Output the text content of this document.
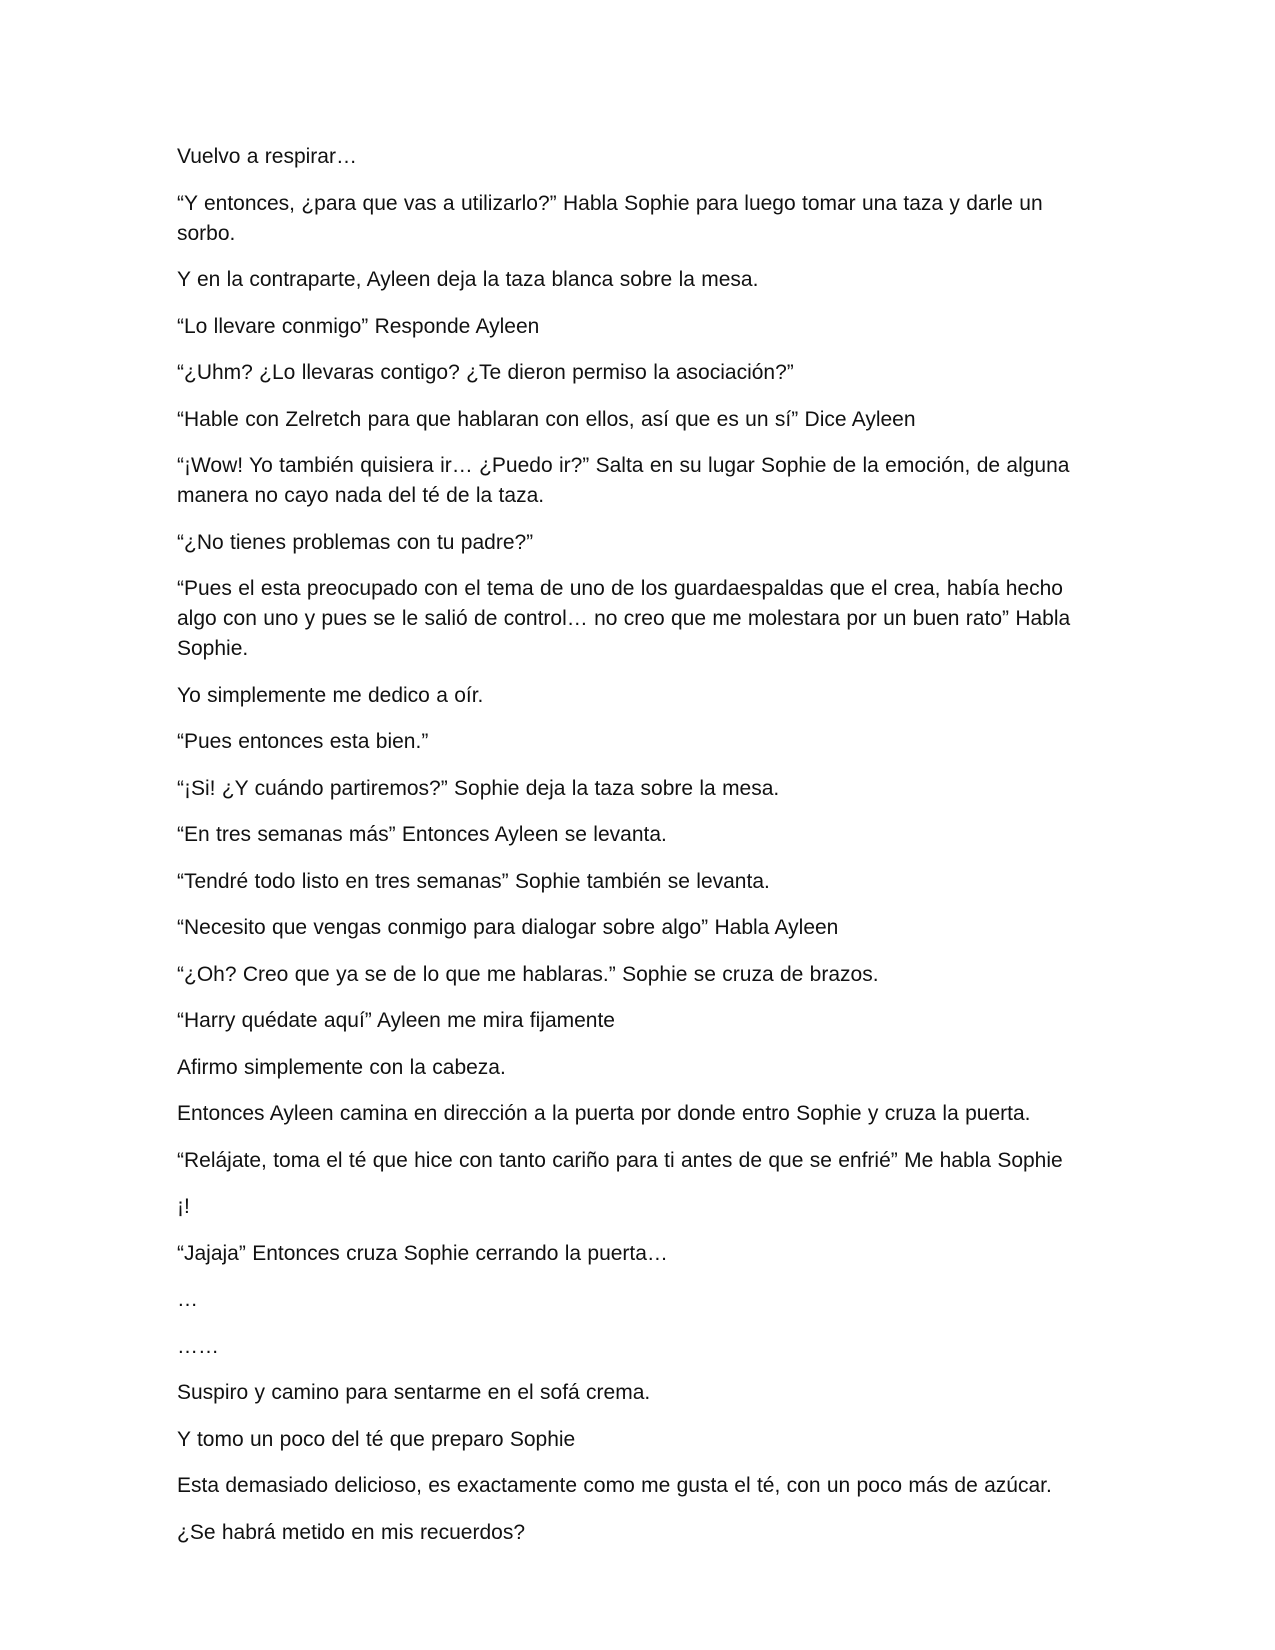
Vuelvo a respirar…

“Y entonces, ¿para que vas a utilizarlo?” Habla Sophie para luego tomar una taza y darle un sorbo.

Y en la contraparte, Ayleen deja la taza blanca sobre la mesa.

“Lo llevare conmigo” Responde Ayleen

“¿Uhm? ¿Lo llevaras contigo? ¿Te dieron permiso la asociación?”

“Hable con Zelretch para que hablaran con ellos, así que es un sí” Dice Ayleen

“¡Wow! Yo también quisiera ir… ¿Puedo ir?” Salta en su lugar Sophie de la emoción, de alguna manera no cayo nada del té de la taza.

“¿No tienes problemas con tu padre?”

“Pues el esta preocupado con el tema de uno de los guardaespaldas que el crea, había hecho algo con uno y pues se le salió de control… no creo que me molestara por un buen rato” Habla Sophie.

Yo simplemente me dedico a oír.

“Pues entonces esta bien.”

“¡Si! ¿Y cuándo partiremos?” Sophie deja la taza sobre la mesa.

“En tres semanas más” Entonces Ayleen se levanta.

“Tendré todo listo en tres semanas” Sophie también se levanta.

“Necesito que vengas conmigo para dialogar sobre algo” Habla Ayleen

“¿Oh? Creo que ya se de lo que me hablaras.” Sophie se cruza de brazos.

“Harry quédate aquí” Ayleen me mira fijamente

Afirmo simplemente con la cabeza.

Entonces Ayleen camina en dirección a la puerta por donde entro Sophie y cruza la puerta.

“Relájate, toma el té que hice con tanto cariño para ti antes de que se enfrié” Me habla Sophie

¡!

“Jajaja” Entonces cruza Sophie cerrando la puerta…

…

……

Suspiro y camino para sentarme en el sofá crema.

Y tomo un poco del té que preparo Sophie

Esta demasiado delicioso, es exactamente como me gusta el té, con un poco más de azúcar.

¿Se habrá metido en mis recuerdos?
